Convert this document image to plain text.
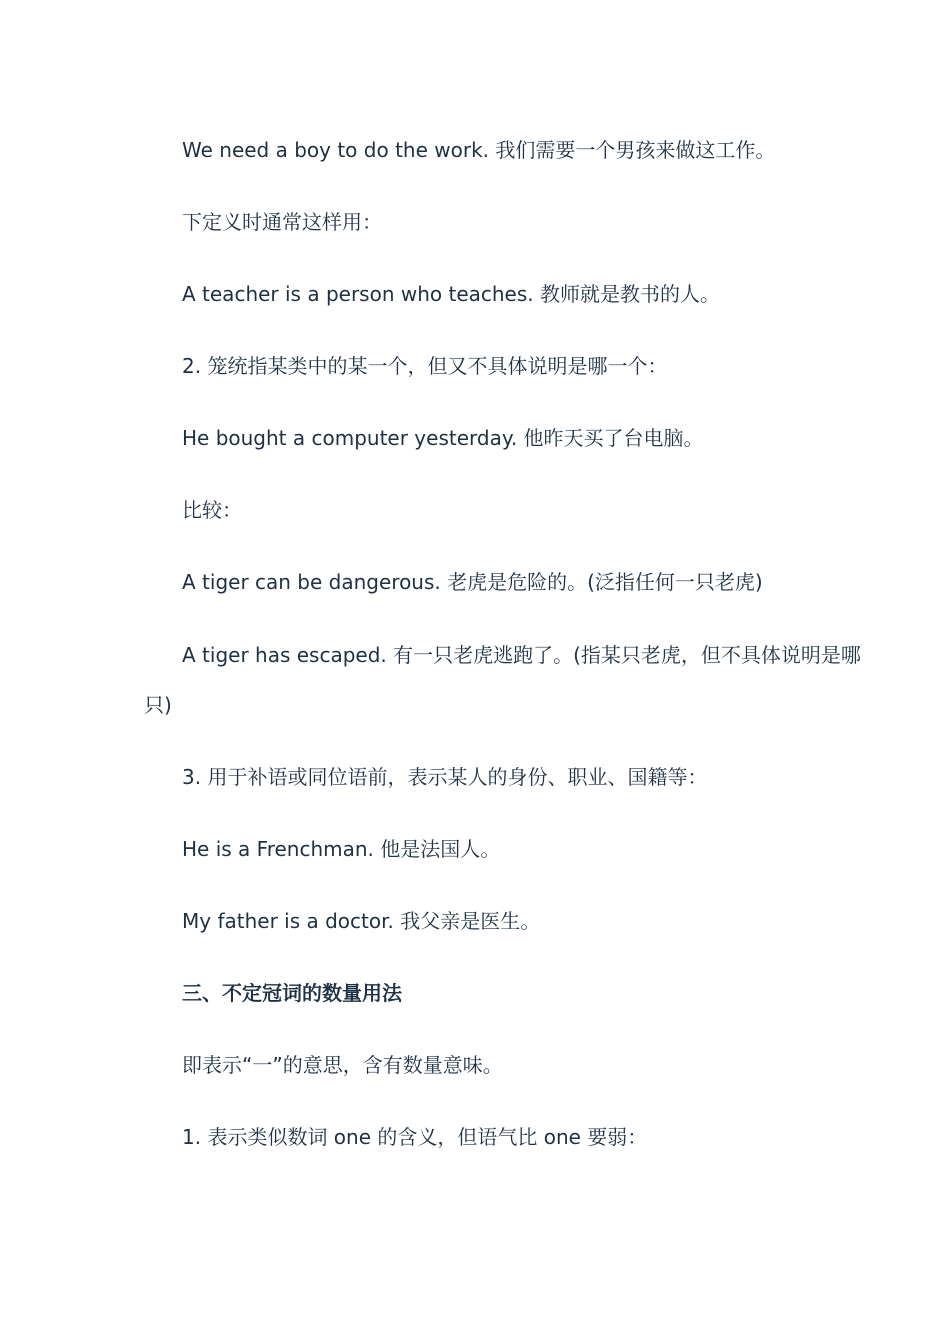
We need a boy to do the work. 我们需要一个男孩来做这工作。
下定义时通常这样用：
A teacher is a person who teaches. 教师就是教书的人。
2. 笼统指某类中的某一个，但又不具体说明是哪一个：
He bought a computer yesterday. 他昨天买了台电脑。
比较：
A tiger can be dangerous. 老虎是危险的。(泛指任何一只老虎)
A tiger has escaped. 有一只老虎逃跑了。(指某只老虎，但不具体说明是哪
只)
3. 用于补语或同位语前，表示某人的身份、职业、国籍等：
He is a Frenchman. 他是法国人。
My father is a doctor. 我父亲是医生。
三、不定冠词的数量用法
即表示“一”的意思，含有数量意味。
1. 表示类似数词 one 的含义，但语气比 one 要弱：
